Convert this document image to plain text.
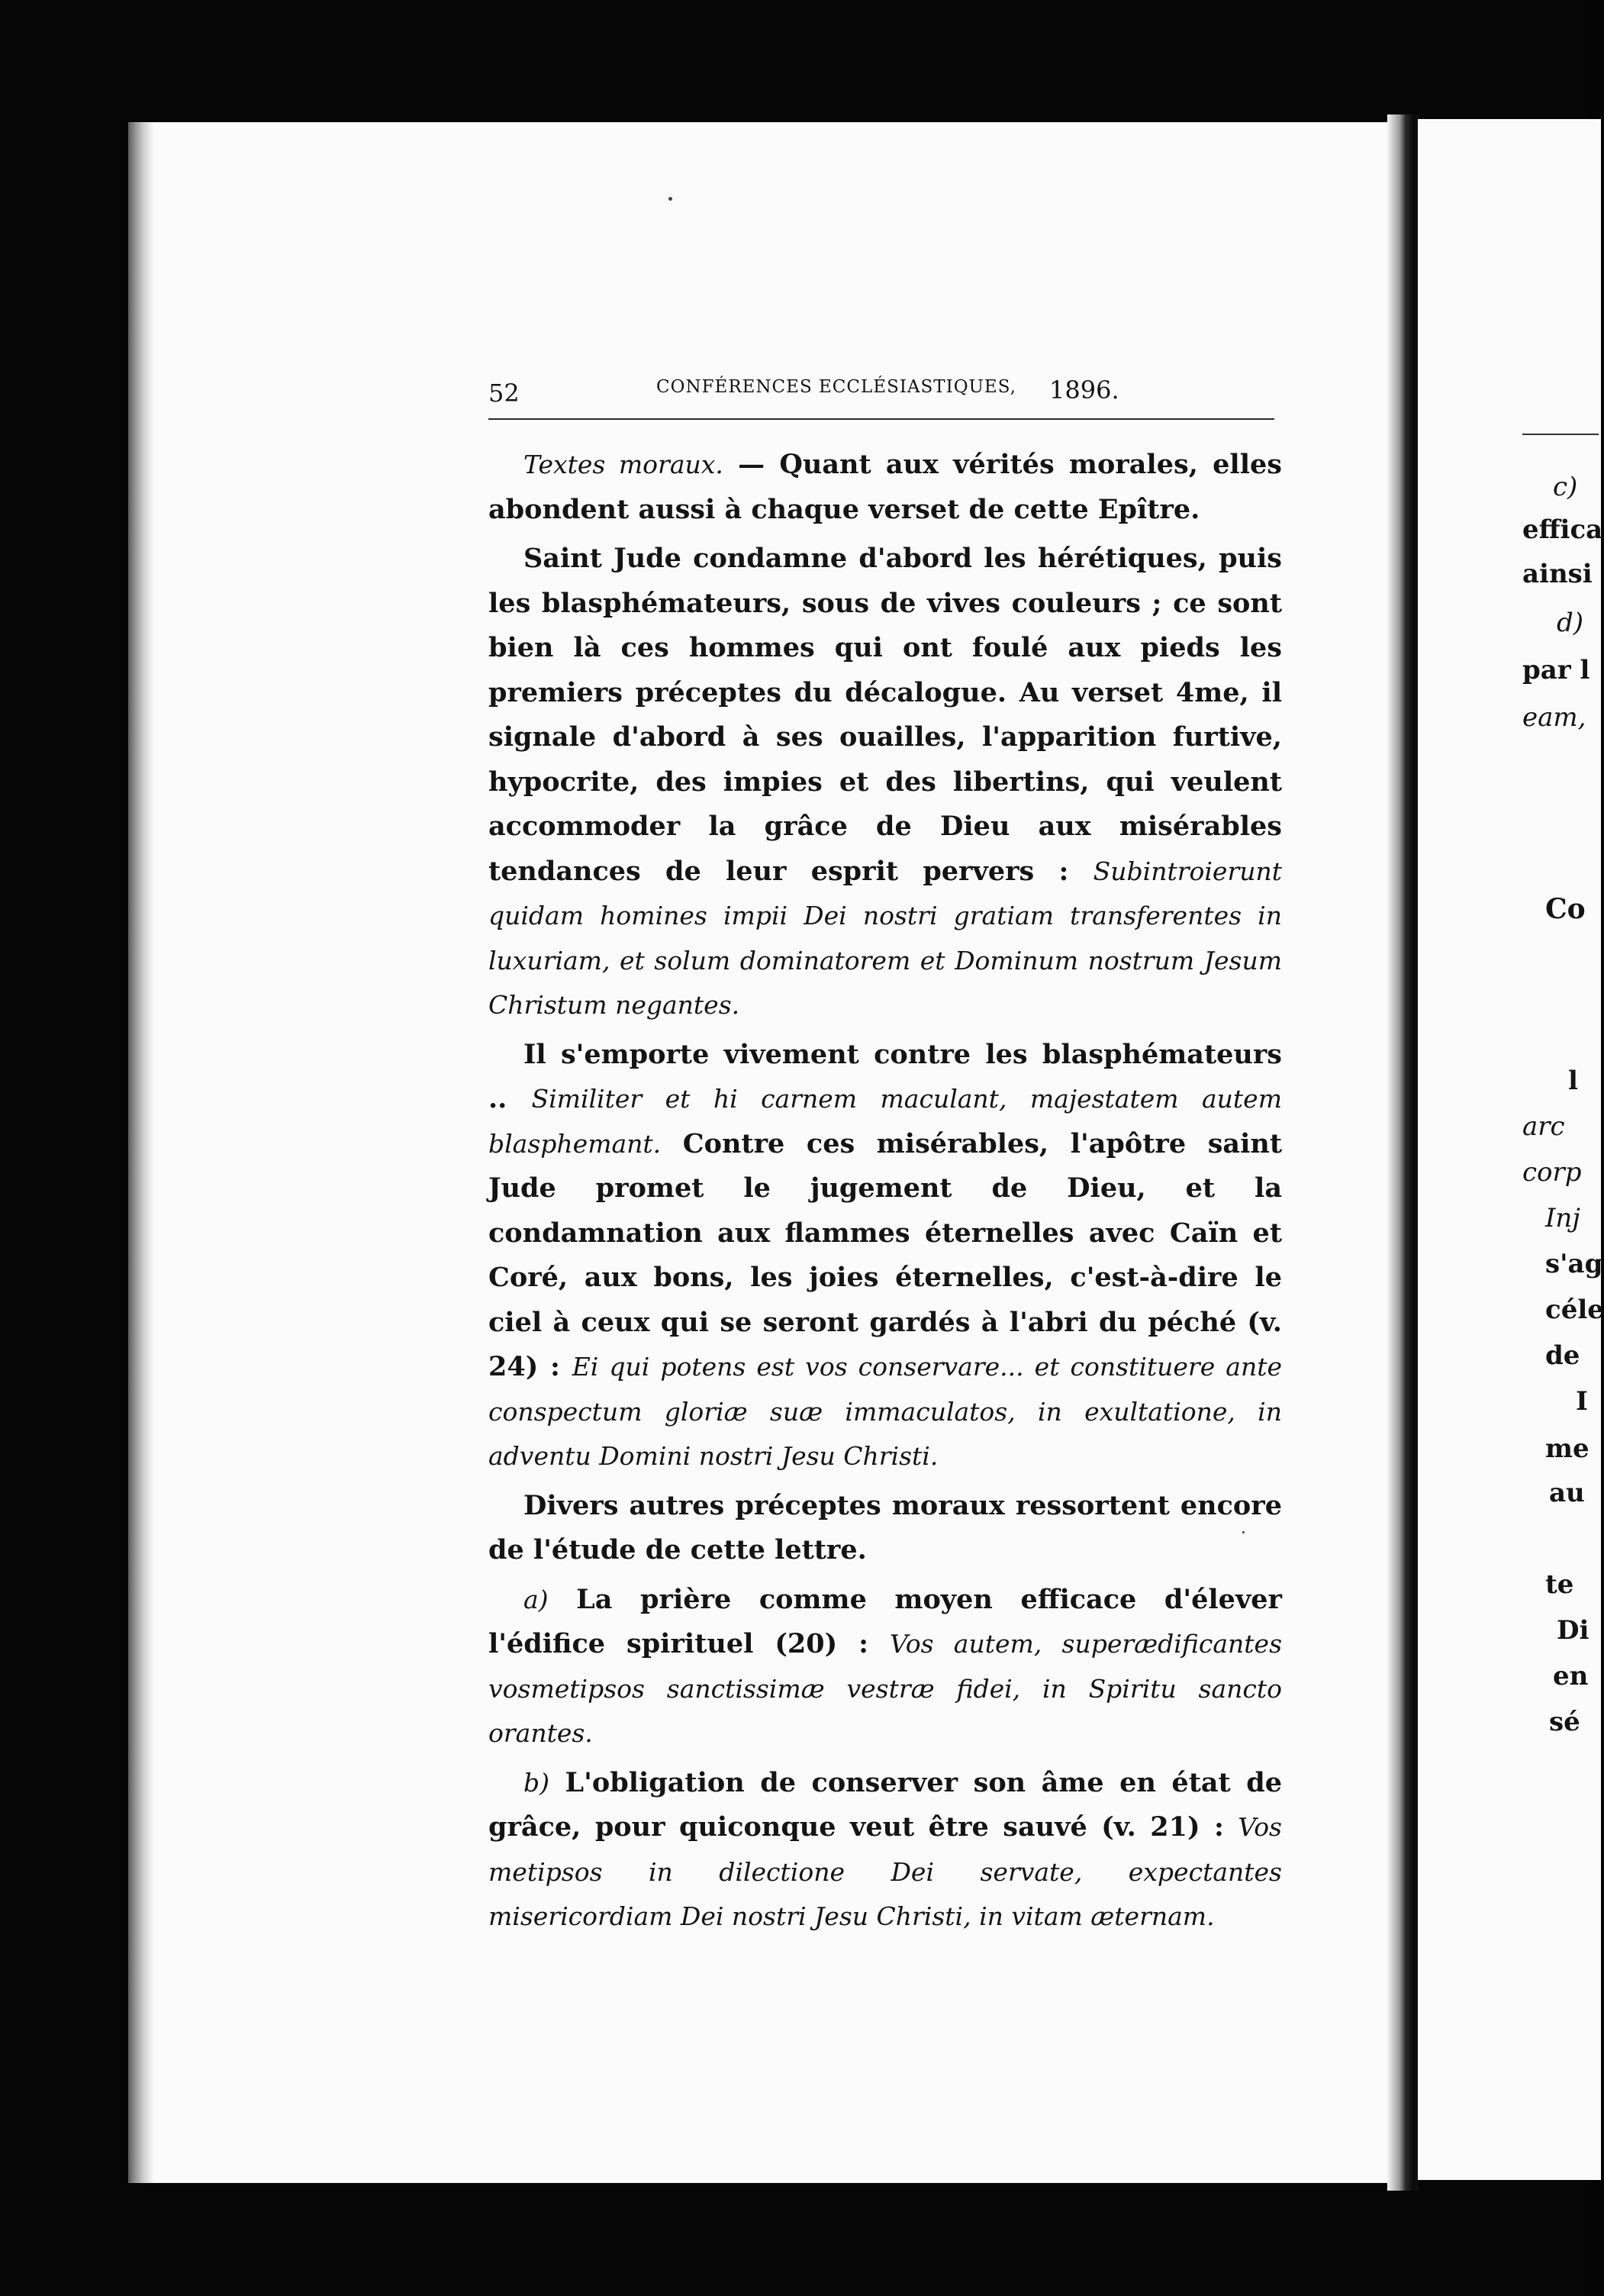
52	CONFÉRENCES ECCLÉSIASTIQUES, 1896.

Textes moraux. — Quant aux vérités morales, elles abondent aussi à chaque verset de cette Epître.

Saint Jude condamne d'abord les hérétiques, puis les blasphémateurs, sous de vives couleurs ; ce sont bien là ces hommes qui ont foulé aux pieds les premiers préceptes du décalogue. Au verset 4me, il signale d'abord à ses ouailles, l'apparition furtive, hypocrite, des impies et des libertins, qui veulent accommoder la grâce de Dieu aux misérables tendances de leur esprit pervers : Subintroierunt quidam homines impii Dei nostri gratiam transferentes in luxuriam, et solum dominatorem et Dominum nostrum Jesum Christum negantes.

Il s'emporte vivement contre les blasphémateurs .. Similiter et hi carnem maculant, majestatem autem blasphemant. Contre ces misérables, l'apôtre saint Jude promet le jugement de Dieu, et la condamnation aux flammes éternelles avec Caïn et Coré, aux bons, les joies éternelles, c'est-à-dire le ciel à ceux qui se seront gardés à l'abri du péché (v. 24) : Ei qui potens est vos conservare... et constituere ante conspectum gloriæ suæ immaculatos, in exultatione, in adventu Domini nostri Jesu Christi.

Divers autres préceptes moraux ressortent encore de l'étude de cette lettre.

a) La prière comme moyen efficace d'élever l'édifice spirituel (20) : Vos autem, superædificantes vosmetipsos sanctissimæ vestræ fidei, in Spiritu sancto orantes.

b) L'obligation de conserver son âme en état de grâce, pour quiconque veut être sauvé (v. 21) : Vos metipsos in dilectione Dei servate, expectantes misericordiam Dei nostri Jesu Christi, in vitam æternam.

c)
effica
ainsi
d)
par l
eam,
Co
l
arc
corp
Inj
s'ag
céle
de
I
me
au
te
Di
en
sé
